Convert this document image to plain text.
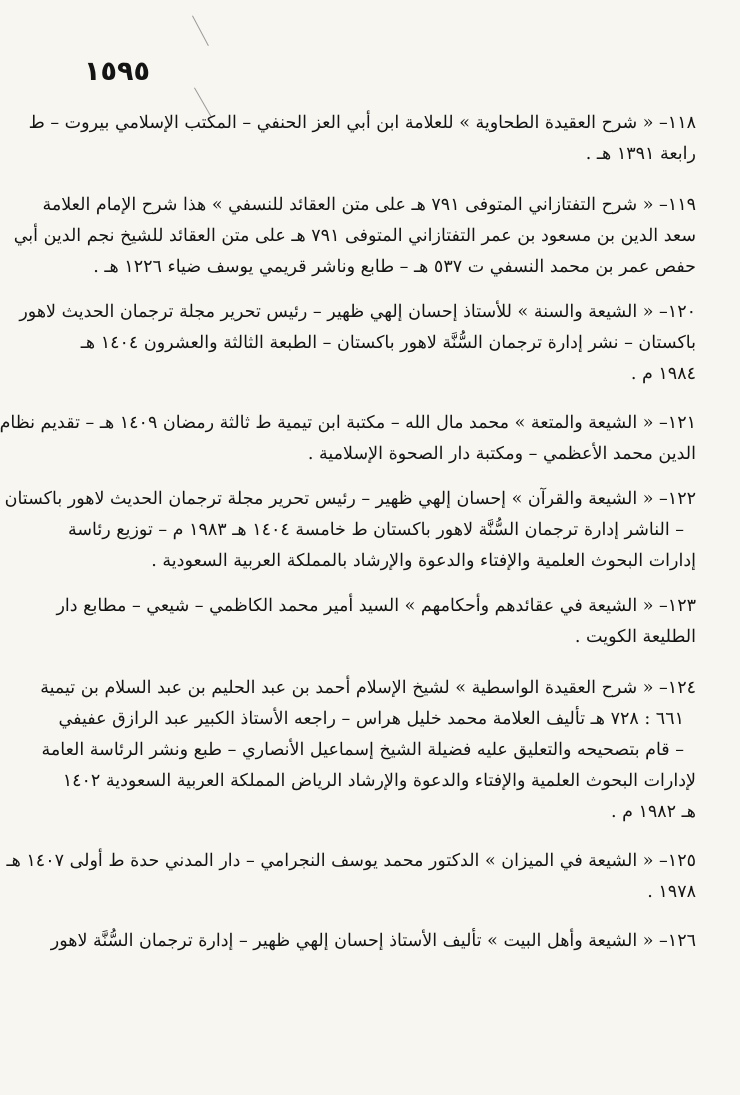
١٥٩٥
١١٨– « شرح العقيدة الطحاوية » للعلامة ابن أبي العز الحنفي – المكتب الإسلامي بيروت – ط
رابعة ١٣٩١ هـ .
١١٩– « شرح التفتازاني المتوفى ٧٩١ هـ على متن العقائد للنسفي » هذا شرح الإمام العلامة
سعد الدين بن مسعود بن عمر التفتازاني المتوفى ٧٩١ هـ على متن العقائد للشيخ نجم الدين أبي
حفص عمر بن محمد النسفي ت ٥٣٧ هـ – طابع وناشر قريمي يوسف ضياء ١٢٢٦ هـ .
١٢٠– « الشيعة والسنة » للأستاذ إحسان إلهي ظهير – رئيس تحرير مجلة ترجمان الحديث لاهور
باكستان – نشر إدارة ترجمان السُّنَّة لاهور باكستان – الطبعة الثالثة والعشرون ١٤٠٤ هـ
١٩٨٤ م .
١٢١– « الشيعة والمتعة » محمد مال الله – مكتبة ابن تيمية ط ثالثة رمضان ١٤٠٩ هـ – تقديم نظام
الدين محمد الأعظمي – ومكتبة دار الصحوة الإسلامية .
١٢٢– « الشيعة والقرآن » إحسان إلهي ظهير – رئيس تحرير مجلة ترجمان الحديث لاهور باكستان
– الناشر إدارة ترجمان السُّنَّة لاهور باكستان ط خامسة ١٤٠٤ هـ ١٩٨٣ م – توزيع رئاسة
إدارات البحوث العلمية والإفتاء والدعوة والإرشاد بالمملكة العربية السعودية .
١٢٣– « الشيعة في عقائدهم وأحكامهم » السيد أمير محمد الكاظمي – شيعي – مطابع دار
الطليعة الكويت .
١٢٤– « شرح العقيدة الواسطية » لشيخ الإسلام أحمد بن عبد الحليم بن عبد السلام بن تيمية
٦٦١ : ٧٢٨ هـ تأليف العلامة محمد خليل هراس – راجعه الأستاذ الكبير عبد الرازق عفيفي
– قام بتصحيحه والتعليق عليه فضيلة الشيخ إسماعيل الأنصاري – طبع ونشر الرئاسة العامة
لإدارات البحوث العلمية والإفتاء والدعوة والإرشاد الرياض المملكة العربية السعودية ١٤٠٢
هـ ١٩٨٢ م .
١٢٥– « الشيعة في الميزان » الدكتور محمد يوسف النجرامي – دار المدني حدة ط أولى ١٤٠٧ هـ
١٩٧٨ .
١٢٦– « الشيعة وأهل البيت » تأليف الأستاذ إحسان إلهي ظهير – إدارة ترجمان السُّنَّة لاهور
